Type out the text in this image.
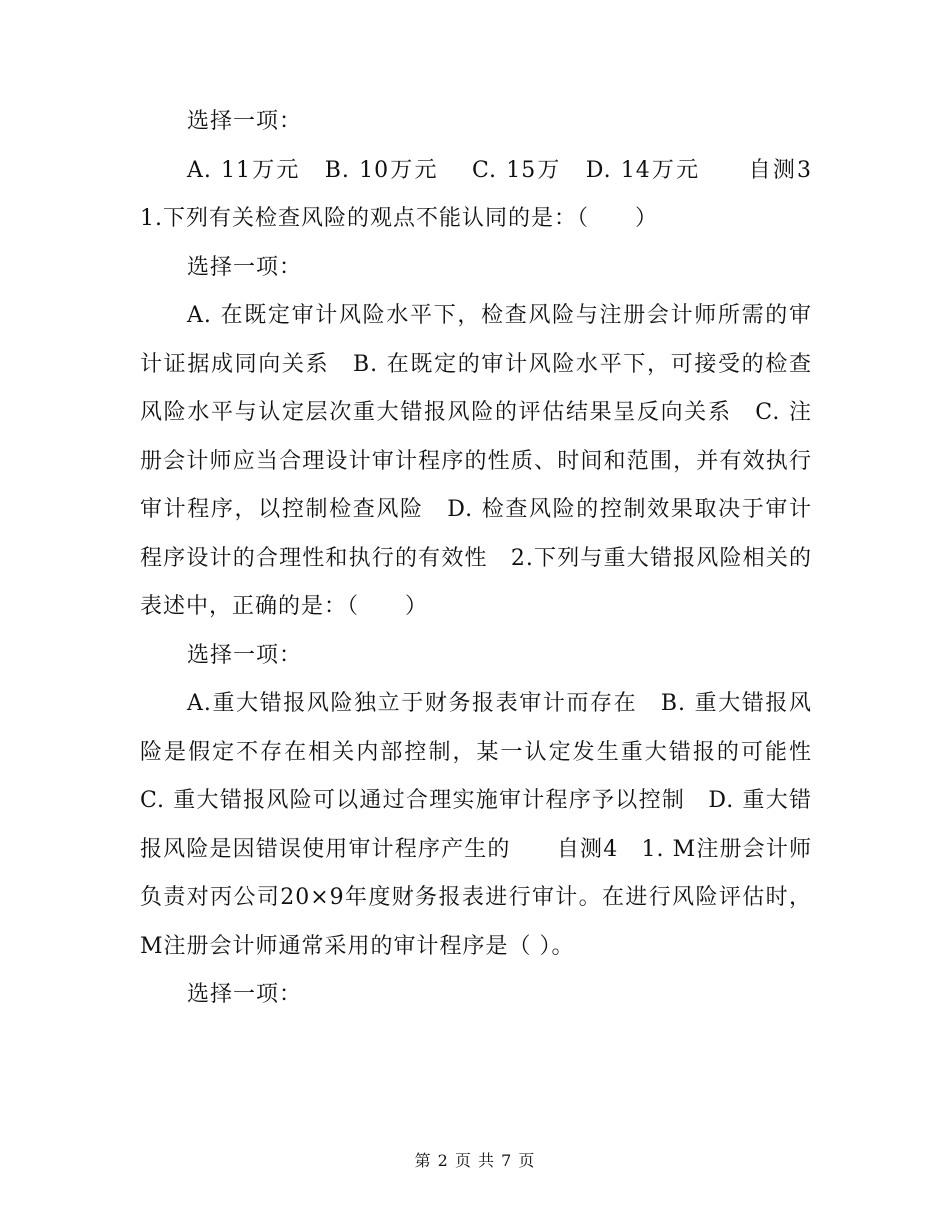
选择一项：

A. 11万元　B. 10万元　 C. 15万　D. 14万元　　自测3　1.下列有关检查风险的观点不能认同的是：（　　）

选择一项：

A. 在既定审计风险水平下，检查风险与注册会计师所需的审计证据成同向关系　B. 在既定的审计风险水平下，可接受的检查风险水平与认定层次重大错报风险的评估结果呈反向关系　C. 注册会计师应当合理设计审计程序的性质、时间和范围，并有效执行审计程序，以控制检查风险　D. 检查风险的控制效果取决于审计程序设计的合理性和执行的有效性　2.下列与重大错报风险相关的表述中，正确的是：（　　）

选择一项：

A.重大错报风险独立于财务报表审计而存在　B. 重大错报风险是假定不存在相关内部控制，某一认定发生重大错报的可能性　C. 重大错报风险可以通过合理实施审计程序予以控制　D. 重大错报风险是因错误使用审计程序产生的　　自测4　1. M注册会计师负责对丙公司20×9年度财务报表进行审计。在进行风险评估时，M注册会计师通常采用的审计程序是（ ）。

选择一项：

第 2 页 共 7 页
